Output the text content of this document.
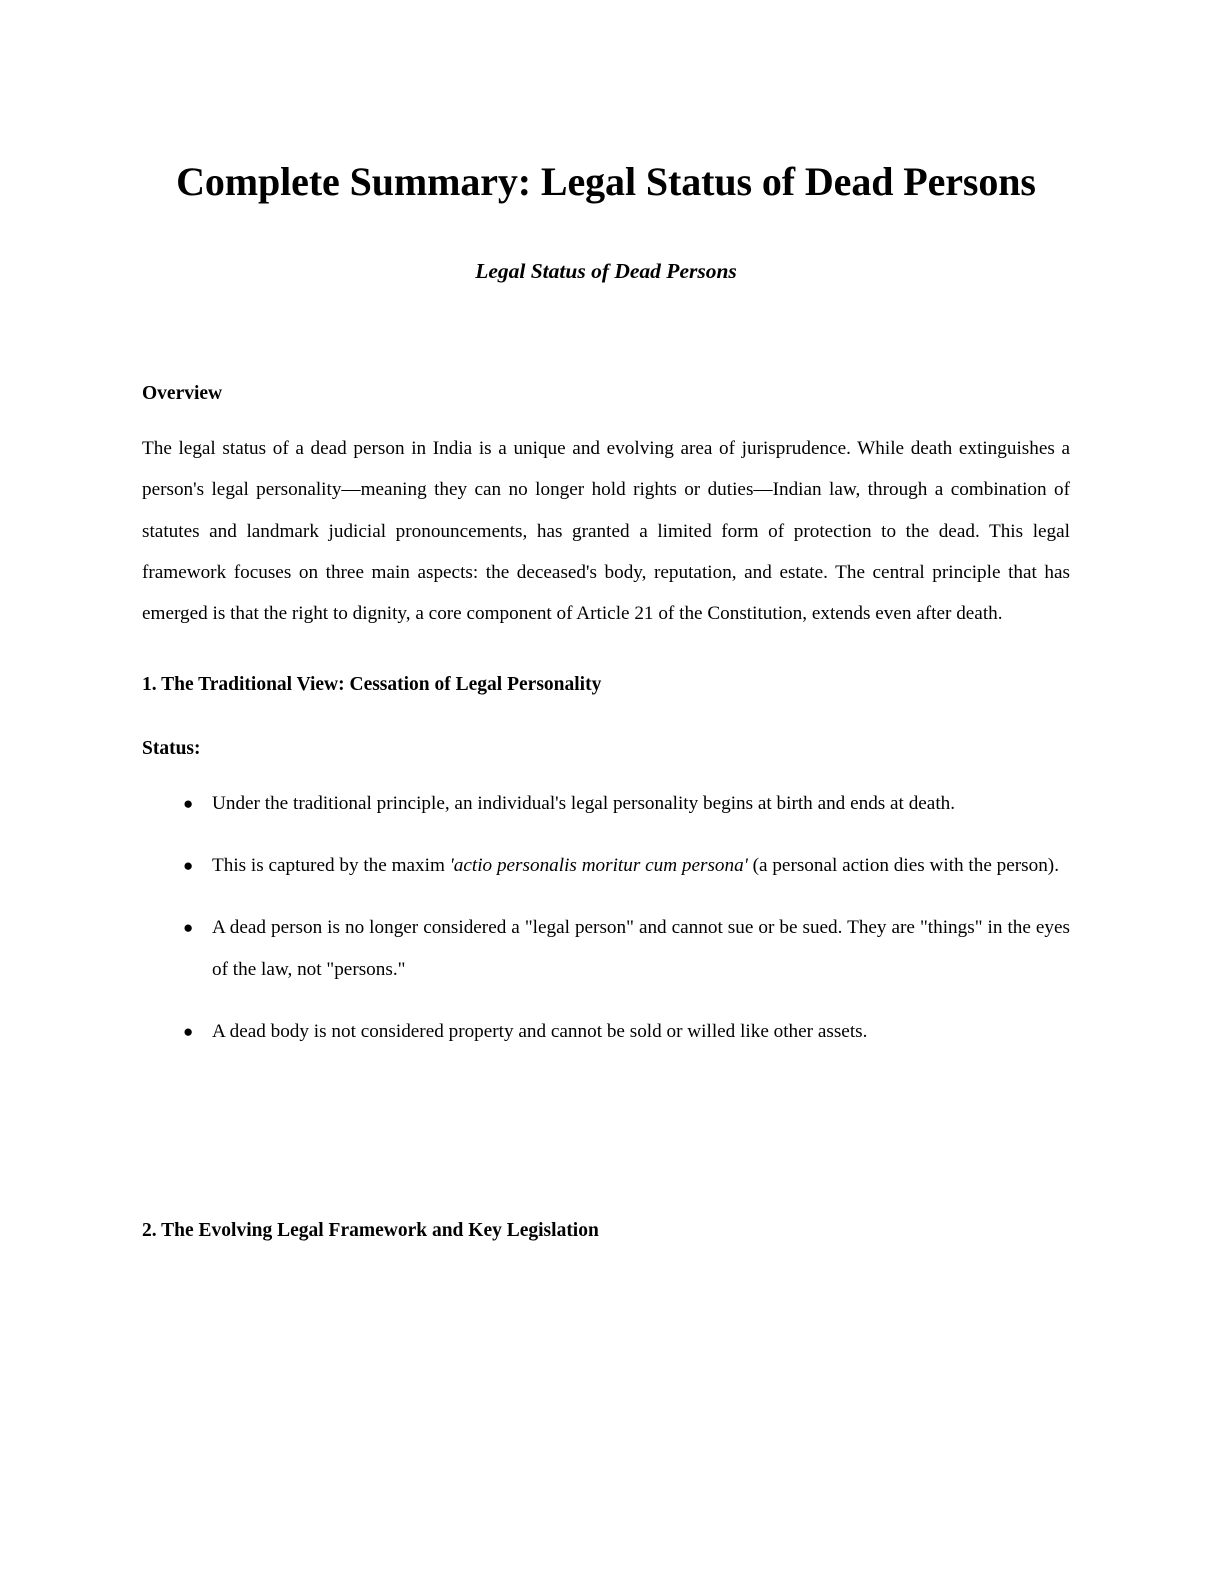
Complete Summary: Legal Status of Dead Persons
Legal Status of Dead Persons
Overview

The legal status of a dead person in India is a unique and evolving area of jurisprudence. While death extinguishes a person's legal personality—meaning they can no longer hold rights or duties—Indian law, through a combination of statutes and landmark judicial pronouncements, has granted a limited form of protection to the dead. This legal framework focuses on three main aspects: the deceased's body, reputation, and estate. The central principle that has emerged is that the right to dignity, a core component of Article 21 of the Constitution, extends even after death.

1. The Traditional View: Cessation of Legal Personality
Status:
● Under the traditional principle, an individual's legal personality begins at birth and ends at death.
● This is captured by the maxim 'actio personalis moritur cum persona' (a personal action dies with the person).
● A dead person is no longer considered a "legal person" and cannot sue or be sued. They are "things" in the eyes of the law, not "persons."
● A dead body is not considered property and cannot be sold or willed like other assets.
2. The Evolving Legal Framework and Key Legislation
